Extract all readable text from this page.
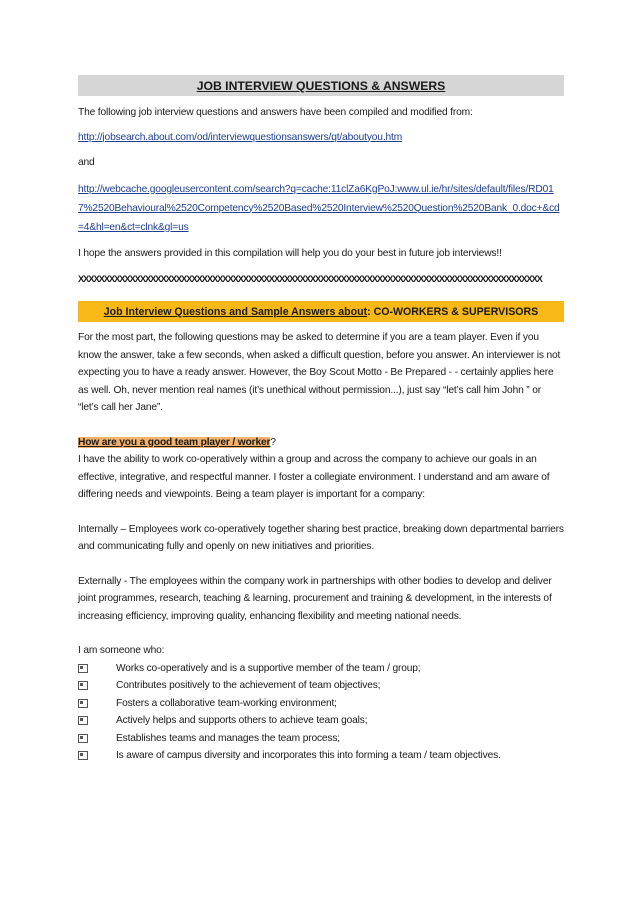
JOB INTERVIEW QUESTIONS & ANSWERS

The following job interview questions and answers have been compiled and modified from:

http://jobsearch.about.com/od/interviewquestionsanswers/qt/aboutyou.htm

and

http://webcache.googleusercontent.com/search?q=cache:11clZa6KgPoJ:www.ul.ie/hr/sites/default/files/RD017%2520Behavioural%2520Competency%2520Based%2520Interview%2520Question%2520Bank_0.doc+&cd=4&hl=en&ct=clnk&gl=us

I hope the answers provided in this compilation will help you do your best in future job interviews!!

XXXXXXXXXXXXXXXXXXXXXXXXXXXXXXXXXXXXXXXXXXXXXXXXXXXXXXXXXXXXXXXXXXXXXXXXXXXXXXXXXXXXXXXXXX
Job Interview Questions and Sample Answers about : CO-WORKERS & SUPERVISORS

For the most part, the following questions may be asked to determine if you are a team player. Even if you know the answer, take a few seconds, when asked a difficult question, before you answer. An interviewer is not expecting you to have a ready answer. However, the Boy Scout Motto - Be Prepared - - certainly applies here as well. Oh, never mention real names (it’s unethical without permission...), just say “let’s call him John ” or “let’s call her Jane”.

How are you a good team player / worker?

I have the ability to work co-operatively within a group and across the company to achieve our goals in an effective, integrative, and respectful manner. I foster a collegiate environment. I understand and am aware of differing needs and viewpoints. Being a team player is important for a company:

Internally – Employees work co-operatively together sharing best practice, breaking down departmental barriers and communicating fully and openly on new initiatives and priorities.

Externally - The employees within the company work in partnerships with other bodies to develop and deliver joint programmes, research, teaching & learning, procurement and training & development, in the interests of increasing efficiency, improving quality, enhancing flexibility and meeting national needs.

I am someone who:

Works co-operatively and is a supportive member of the team / group;
Contributes positively to the achievement of team objectives;
Fosters a collaborative team-working environment;
Actively helps and supports others to achieve team goals;
Establishes teams and manages the team process;
Is aware of campus diversity and incorporates this into forming a team / team objectives.
